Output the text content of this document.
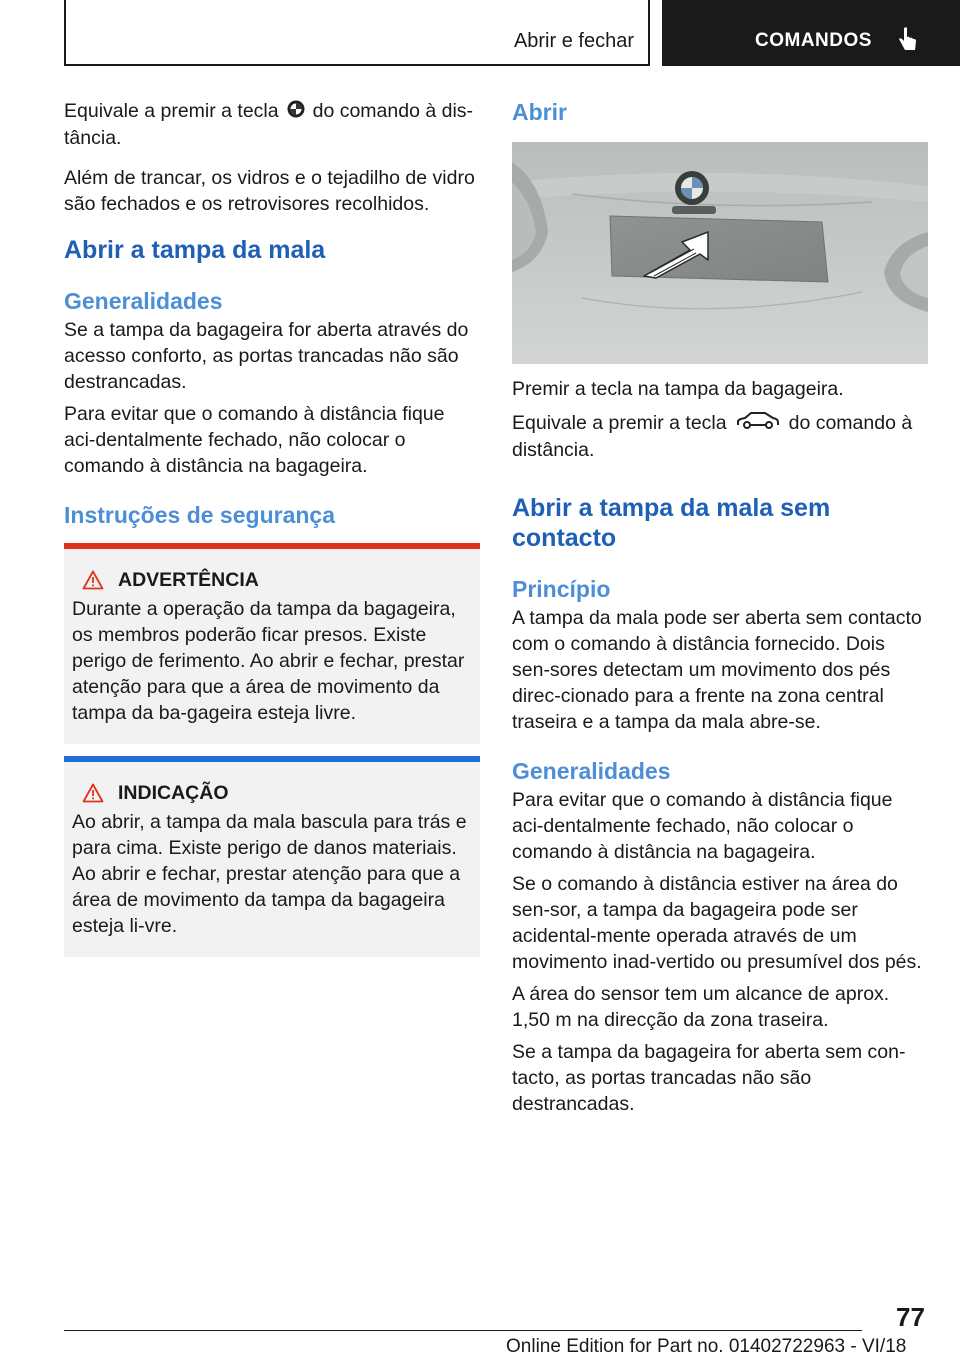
Abrir e fechar	COMANDOS

Equivale a premir a tecla do comando à dis-
tância.

Além de trancar, os vidros e o tejadilho de vidro são fechados e os retrovisores recolhidos.

Abrir a tampa da mala
Generalidades

Se a tampa da bagageira for aberta através do acesso conforto, as portas trancadas não são destrancadas.

Para evitar que o comando à distância fique aci-dentalmente fechado, não colocar o comando à distância na bagageira.

Instruções de segurança
ADVERTÊNCIA

Durante a operação da tampa da bagageira, os membros poderão ficar presos. Existe perigo de ferimento. Ao abrir e fechar, prestar atenção para que a área de movimento da tampa da ba-gageira esteja livre.

INDICAÇÃO

Ao abrir, a tampa da mala bascula para trás e para cima. Existe perigo de danos materiais. Ao abrir e fechar, prestar atenção para que a área de movimento da tampa da bagageira esteja li-vre.

Abrir

Premir a tecla na tampa da bagageira.

Equivale a premir a tecla	do comando à
distância.

Abrir a tampa da mala sem contacto
Princípio

A tampa da mala pode ser aberta sem contacto com o comando à distância fornecido. Dois sen-sores detectam um movimento dos pés direc-cionado para a frente na zona central traseira e a tampa da mala abre-se.

Generalidades

Para evitar que o comando à distância fique aci-dentalmente fechado, não colocar o comando à distância na bagageira.

Se o comando à distância estiver na área do sen-sor, a tampa da bagageira pode ser acidental-mente operada através de um movimento inad-vertido ou presumível dos pés.

A área do sensor tem um alcance de aprox. 1,50 m na direcção da zona traseira.

Se a tampa da bagageira for aberta sem con-tacto, as portas trancadas não são destrancadas.

77
Online Edition for Part no. 01402722963 - VI/18
